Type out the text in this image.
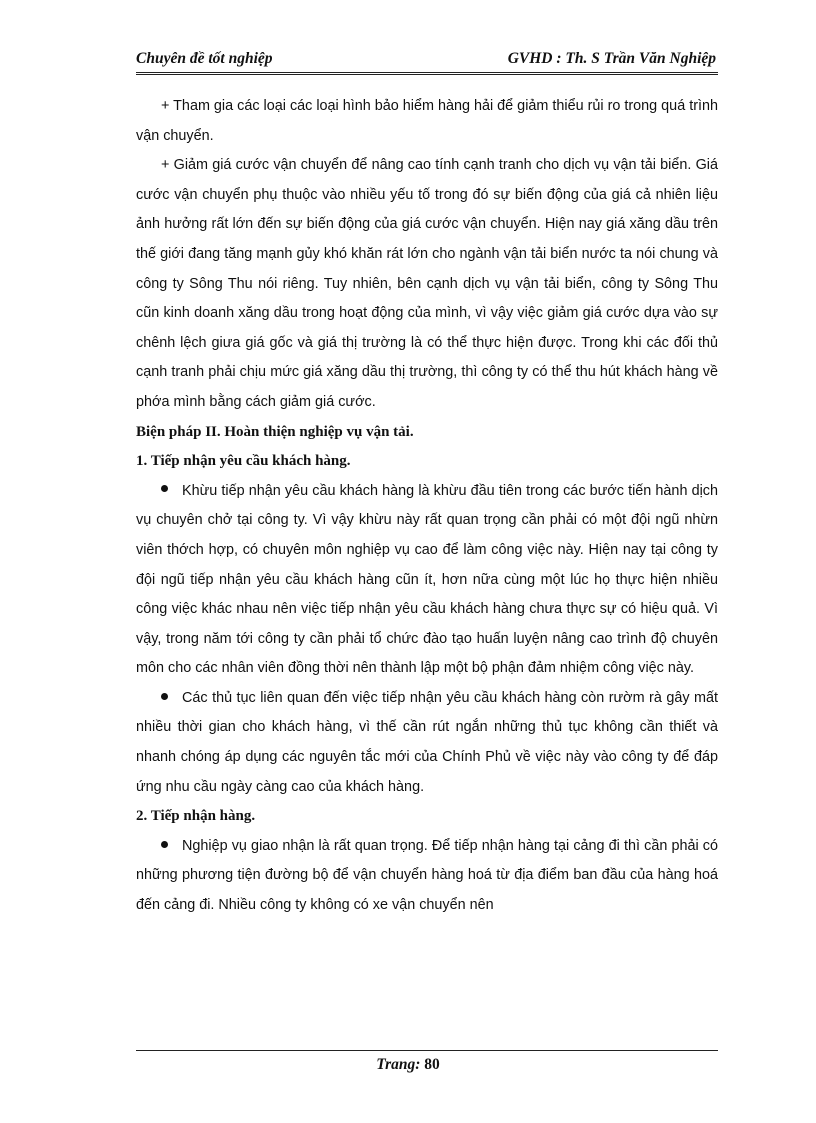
Chuyên đề tốt nghiệp	GVHD : Th. S Trần Văn Nghiệp

+ Tham gia các loại các loại hình bảo hiểm hàng hải để giảm thiểu rủi ro trong quá trình vận chuyển.

+ Giảm giá cước vận chuyển để nâng cao tính cạnh tranh cho dịch vụ vận tải biển. Giá cước vận chuyển phụ thuộc vào nhiều yếu tố trong đó sự biến động của giá cả nhiên liệu ảnh hưởng rất lớn đến sự biến động của giá cước vận chuyển. Hiện nay giá xăng dầu trên thế giới đang tăng mạnh gủy khó khăn rát lớn cho ngành vận tải biển nước ta nói chung và công ty Sông Thu nói riêng. Tuy nhiên, bên cạnh dịch vụ vận tải biển, công ty Sông Thu cũn kinh doanh xăng dầu trong hoạt động của mình, vì vậy việc giảm giá cước dựa vào sự chênh lệch giưa giá gốc và giá thị trường là có thể thực hiện được. Trong khi các đối thủ cạnh tranh phải chịu mức giá xăng dầu thị trường, thì công ty có thể thu hút khách hàng về phớa mình bằng cách giảm giá cước.

Biện pháp II. Hoàn thiện nghiệp vụ vận tải.

1. Tiếp nhận yêu cầu khách hàng.

Khừu tiếp nhận yêu cầu khách hàng là khừu đầu tiên trong các bước tiến hành dịch vụ chuyên chở tại công ty. Vì vậy khừu này rất quan trọng cần phải có một đội ngũ nhừn viên thớch hợp, có chuyên môn nghiệp vụ cao để làm công việc này. Hiện nay tại công ty đội ngũ tiếp nhận yêu cầu khách hàng cũn ít, hơn nữa cùng một lúc họ thực hiện nhiều công việc khác nhau nên việc tiếp nhận yêu cầu khách hàng chưa thực sự có hiệu quả. Vì vậy, trong năm tới công ty cần phải tổ chức đào tạo huấn luyện nâng cao trình độ chuyên môn cho các nhân viên đồng thời nên thành lập một bộ phận đảm nhiệm công việc này.

Các thủ tục liên quan đến việc tiếp nhận yêu cầu khách hàng còn rườm rà gây mất nhiều thời gian cho khách hàng, vì thế cần rút ngắn những thủ tục không cần thiết và nhanh chóng áp dụng các nguyên tắc mới của Chính Phủ về việc này vào công ty để đáp ứng nhu cầu ngày càng cao của khách hàng.

2. Tiếp nhận hàng.

Nghiệp vụ giao nhận là rất quan trọng. Để tiếp nhận hàng tại cảng đi thì cần phải có những phương tiện đường bộ để vận chuyển hàng hoá từ địa điểm ban đầu của hàng hoá đến cảng đi. Nhiều công ty không có xe vận chuyển nên

Trang: 80
